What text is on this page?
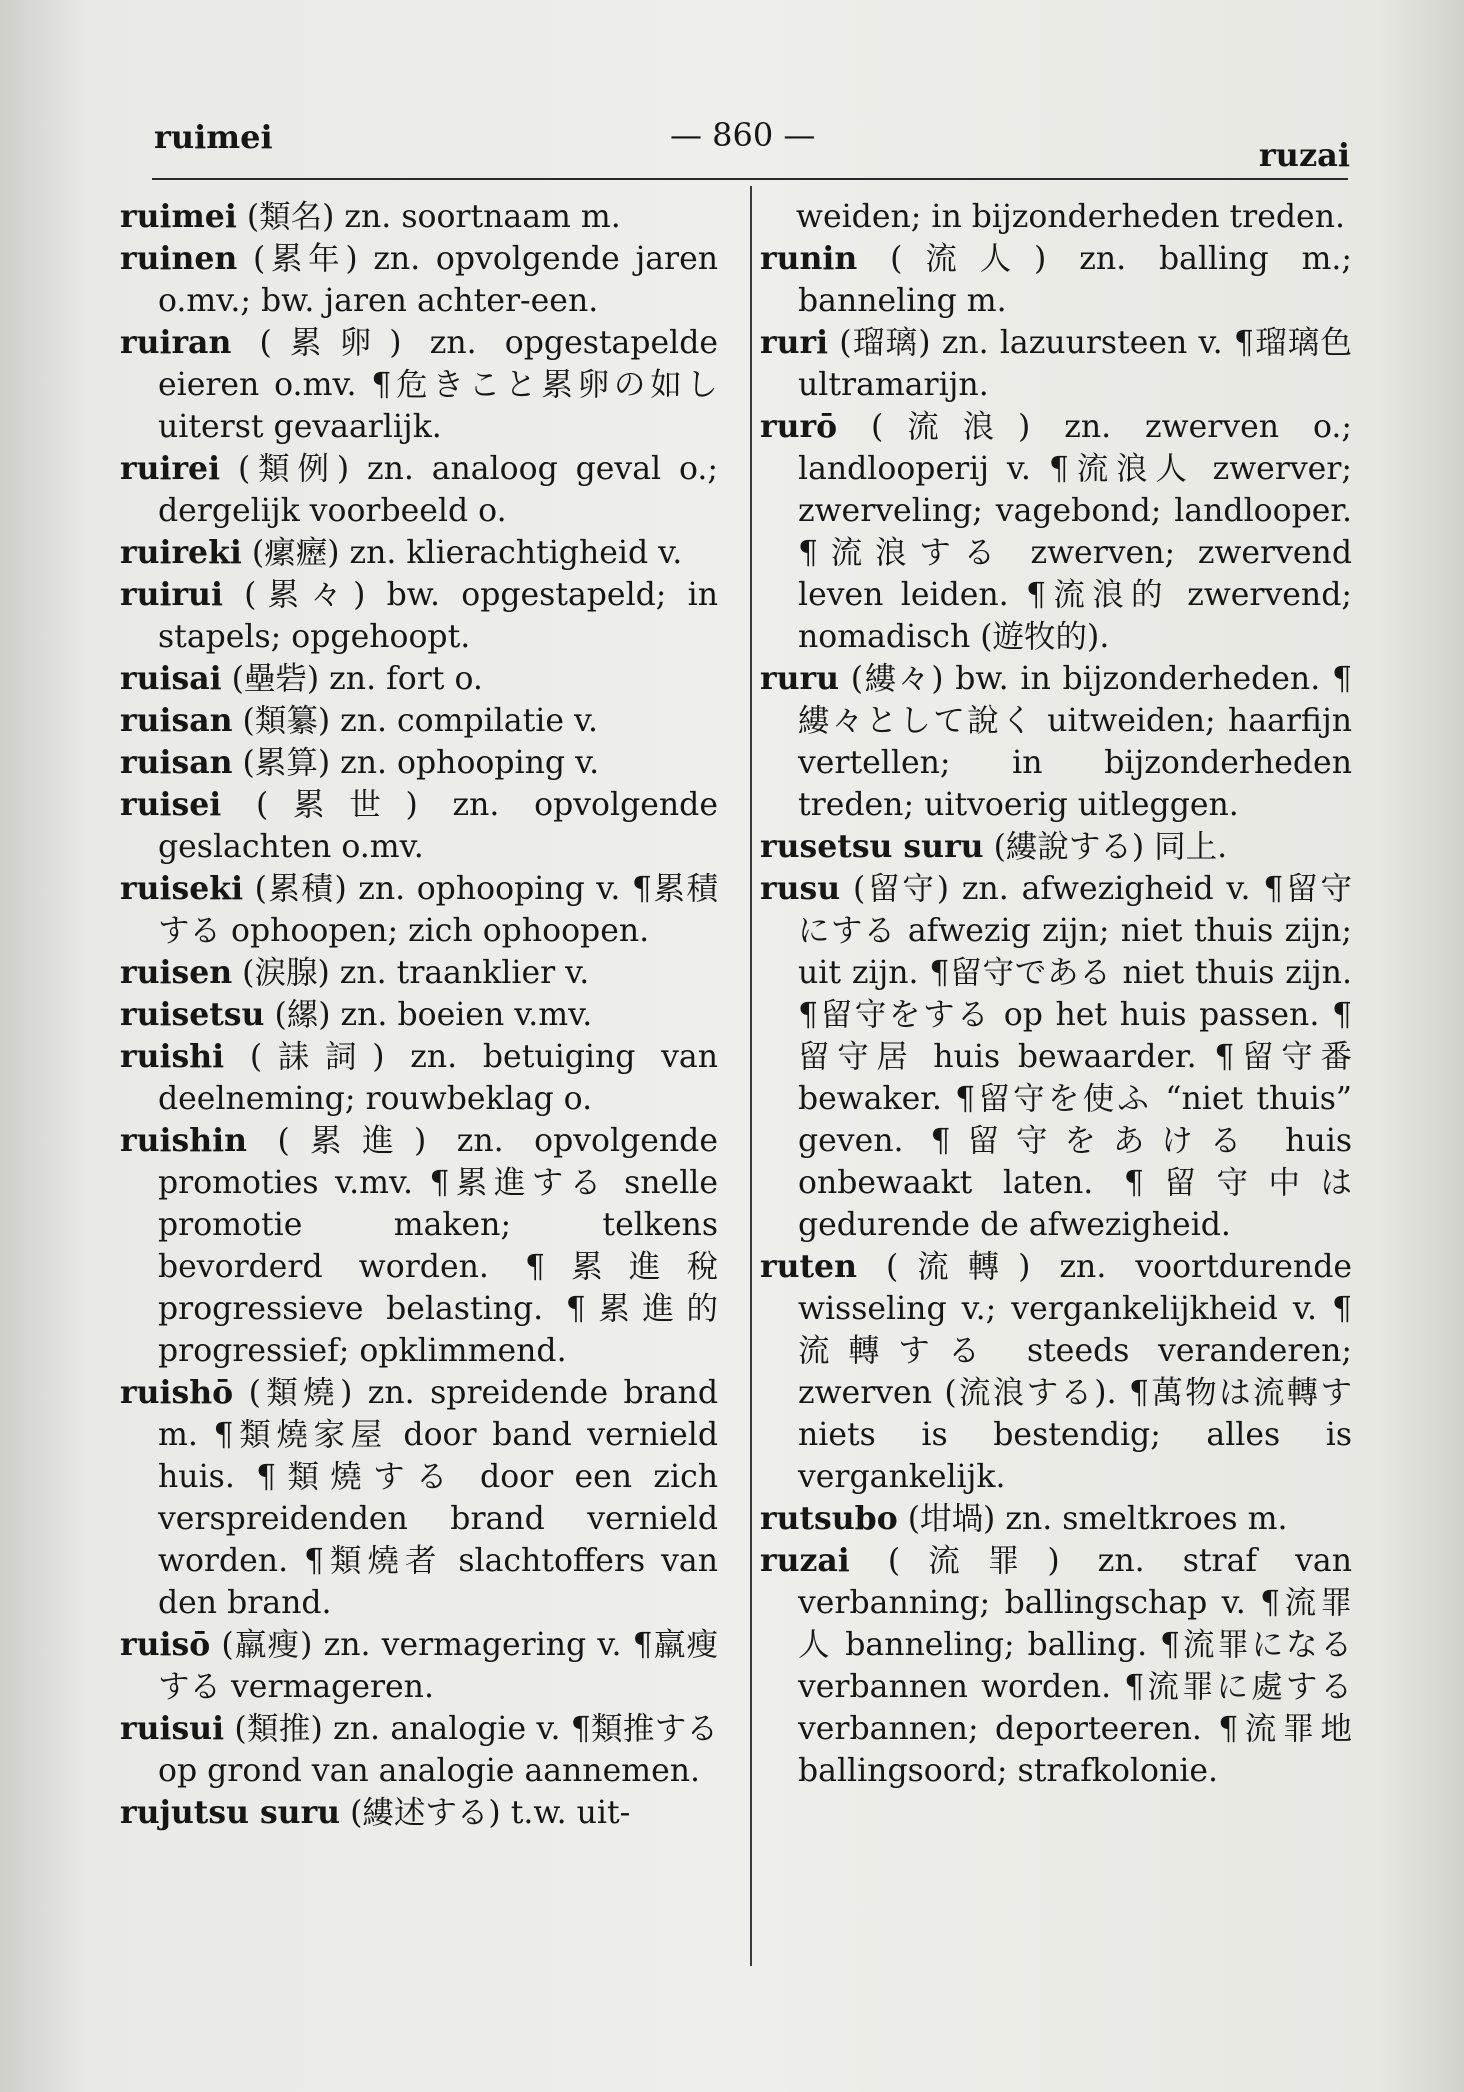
ruimei	— 860 —
ruzai

ruimei (類名) zn. soortnaam m.

ruinen (累年) zn. opvolgende jaren o.mv.; bw. jaren achter-een.

ruiran (累卵) zn. opgestapelde eieren o.mv. ¶危きこと累卵の如し uiterst gevaarlijk.

ruirei (類例) zn. analoog geval o.; dergelijk voorbeeld o.

ruireki (瘰癧) zn. klierachtigheid v.

ruirui (累々) bw. opgestapeld; in stapels; opgehoopt.

ruisai (壘砦) zn. fort o.

ruisan (類纂) zn. compilatie v.

ruisan (累算) zn. ophooping v.

ruisei (累世) zn. opvolgende geslachten o.mv.

ruiseki (累積) zn. ophooping v. ¶累積する ophoopen; zich ophoopen.

ruisen (涙腺) zn. traanklier v.

ruisetsu (縲) zn. boeien v.mv.

ruishi (誄詞) zn. betuiging van deelneming; rouwbeklag o.

ruishin (累進) zn. opvolgende promoties v.mv. ¶累進する snelle promotie maken; telkens bevorderd worden. ¶累進稅 progressieve belasting. ¶累進的 progressief; opklimmend.

ruishō (類燒) zn. spreidende brand m. ¶類燒家屋 door band vernield huis. ¶類燒する door een zich verspreidenden brand vernield worden. ¶類燒者 slachtoffers van den brand.

ruisō (羸瘦) zn. vermagering v. ¶羸瘦する vermageren.

ruisui (類推) zn. analogie v. ¶類推する op grond van analogie aannemen.

rujutsu suru (縷述する) t.w. uit-

weiden; in bijzonderheden treden.

runin (流人) zn. balling m.; banneling m.

ruri (瑠璃) zn. lazuursteen v. ¶瑠璃色 ultramarijn.

rurō (流浪) zn. zwerven o.; landlooperij v. ¶流浪人 zwerver; zwerveling; vagebond; landlooper. ¶流浪する zwerven; zwervend leven leiden. ¶流浪的 zwervend; nomadisch (遊牧的).

ruru (縷々) bw. in bijzonderheden. ¶縷々として說く uitweiden; haarfijn vertellen; in bijzonderheden treden; uitvoerig uitleggen.

rusetsu suru (縷說する) 同上.

rusu (留守) zn. afwezigheid v. ¶留守にする afwezig zijn; niet thuis zijn; uit zijn. ¶留守である niet thuis zijn. ¶留守をする op het huis passen. ¶留守居 huis bewaarder. ¶留守番 bewaker. ¶留守を使ふ “niet thuis” geven. ¶留守をあける huis onbewaakt laten. ¶留守中は gedurende de afwezigheid.

ruten (流轉) zn. voortdurende wisseling v.; vergankelijkheid v. ¶流轉する steeds veranderen; zwerven (流浪する). ¶萬物は流轉す niets is bestendig; alles is vergankelijk.

rutsubo (坩堝) zn. smeltkroes m.

ruzai (流罪) zn. straf van verbanning; ballingschap v. ¶流罪人 banneling; balling. ¶流罪になる verbannen worden. ¶流罪に處する verbannen; deporteeren. ¶流罪地 ballingsoord; strafkolonie.
